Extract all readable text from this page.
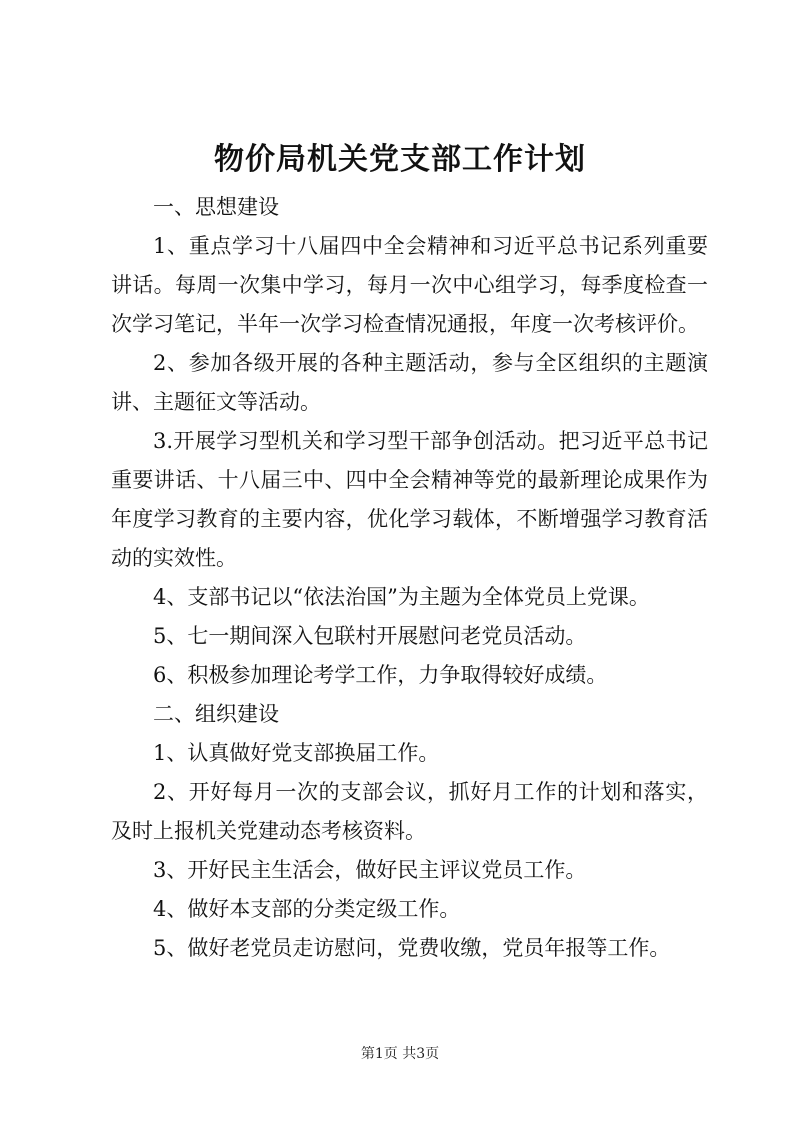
物价局机关党支部工作计划

一、思想建设

1、重点学习十八届四中全会精神和习近平总书记系列重要讲话。每周一次集中学习，每月一次中心组学习，每季度检查一次学习笔记，半年一次学习检查情况通报，年度一次考核评价。

2、参加各级开展的各种主题活动，参与全区组织的主题演讲、主题征文等活动。

3.开展学习型机关和学习型干部争创活动。把习近平总书记重要讲话、十八届三中、四中全会精神等党的最新理论成果作为年度学习教育的主要内容，优化学习载体，不断增强学习教育活动的实效性。

4、支部书记以“依法治国”为主题为全体党员上党课。

5、七一期间深入包联村开展慰问老党员活动。

6、积极参加理论考学工作，力争取得较好成绩。

二、组织建设

1、认真做好党支部换届工作。

2、开好每月一次的支部会议，抓好月工作的计划和落实，及时上报机关党建动态考核资料。

3、开好民主生活会，做好民主评议党员工作。

4、做好本支部的分类定级工作。

5、做好老党员走访慰问，党费收缴，党员年报等工作。

第1页 共3页
